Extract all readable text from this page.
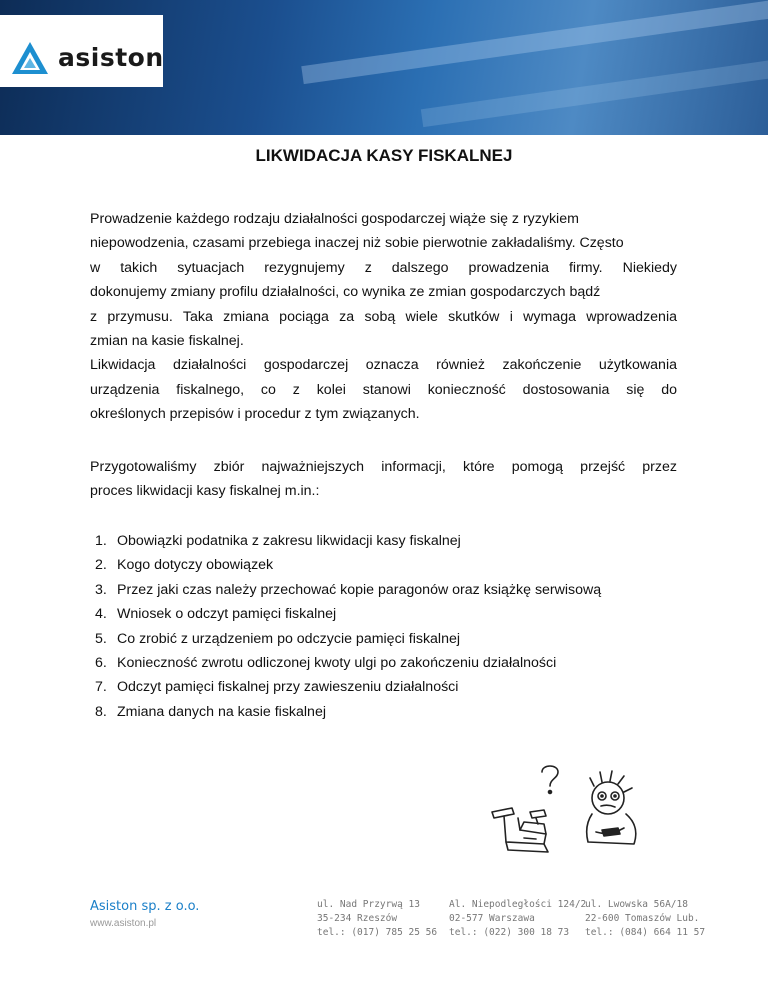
asiston
LIKWIDACJA KASY FISKALNEJ
Prowadzenie każdego rodzaju działalności gospodarczej wiąże się z ryzykiem
niepowodzenia, czasami przebiega inaczej niż sobie pierwotnie zakładaliśmy. Często
w takich sytuacjach rezygnujemy z dalszego prowadzenia firmy. Niekiedy
dokonujemy zmiany profilu działalności, co wynika ze zmian gospodarczych bądź
z przymusu. Taka zmiana pociąga za sobą wiele skutków i wymaga wprowadzenia
zmian na kasie fiskalnej.
Likwidacja działalności gospodarczej oznacza również zakończenie użytkowania
urządzenia fiskalnego, co z kolei stanowi konieczność dostosowania się do
określonych przepisów i procedur z tym związanych.
Przygotowaliśmy zbiór najważniejszych informacji, które pomogą przejść przez
proces likwidacji kasy fiskalnej m.in.:
1. Obowiązki podatnika z zakresu likwidacji kasy fiskalnej
2. Kogo dotyczy obowiązek
3. Przez jaki czas należy przechować kopie paragonów oraz książkę serwisową
4. Wniosek o odczyt pamięci fiskalnej
5. Co zrobić z urządzeniem po odczycie pamięci fiskalnej
6. Konieczność zwrotu odliczonej kwoty ulgi po zakończeniu działalności
7. Odczyt pamięci fiskalnej przy zawieszeniu działalności
8. Zmiana danych na kasie fiskalnej
Asiston sp. z o.o.
www.asiston.pl
ul. Nad Przyrwą 13
35-234 Rzeszów
tel.: (017) 785 25 56
Al. Niepodległości 124/2
02-577 Warszawa
tel.: (022) 300 18 73
ul. Lwowska 56A/18
22-600 Tomaszów Lub.
tel.: (084) 664 11 57
